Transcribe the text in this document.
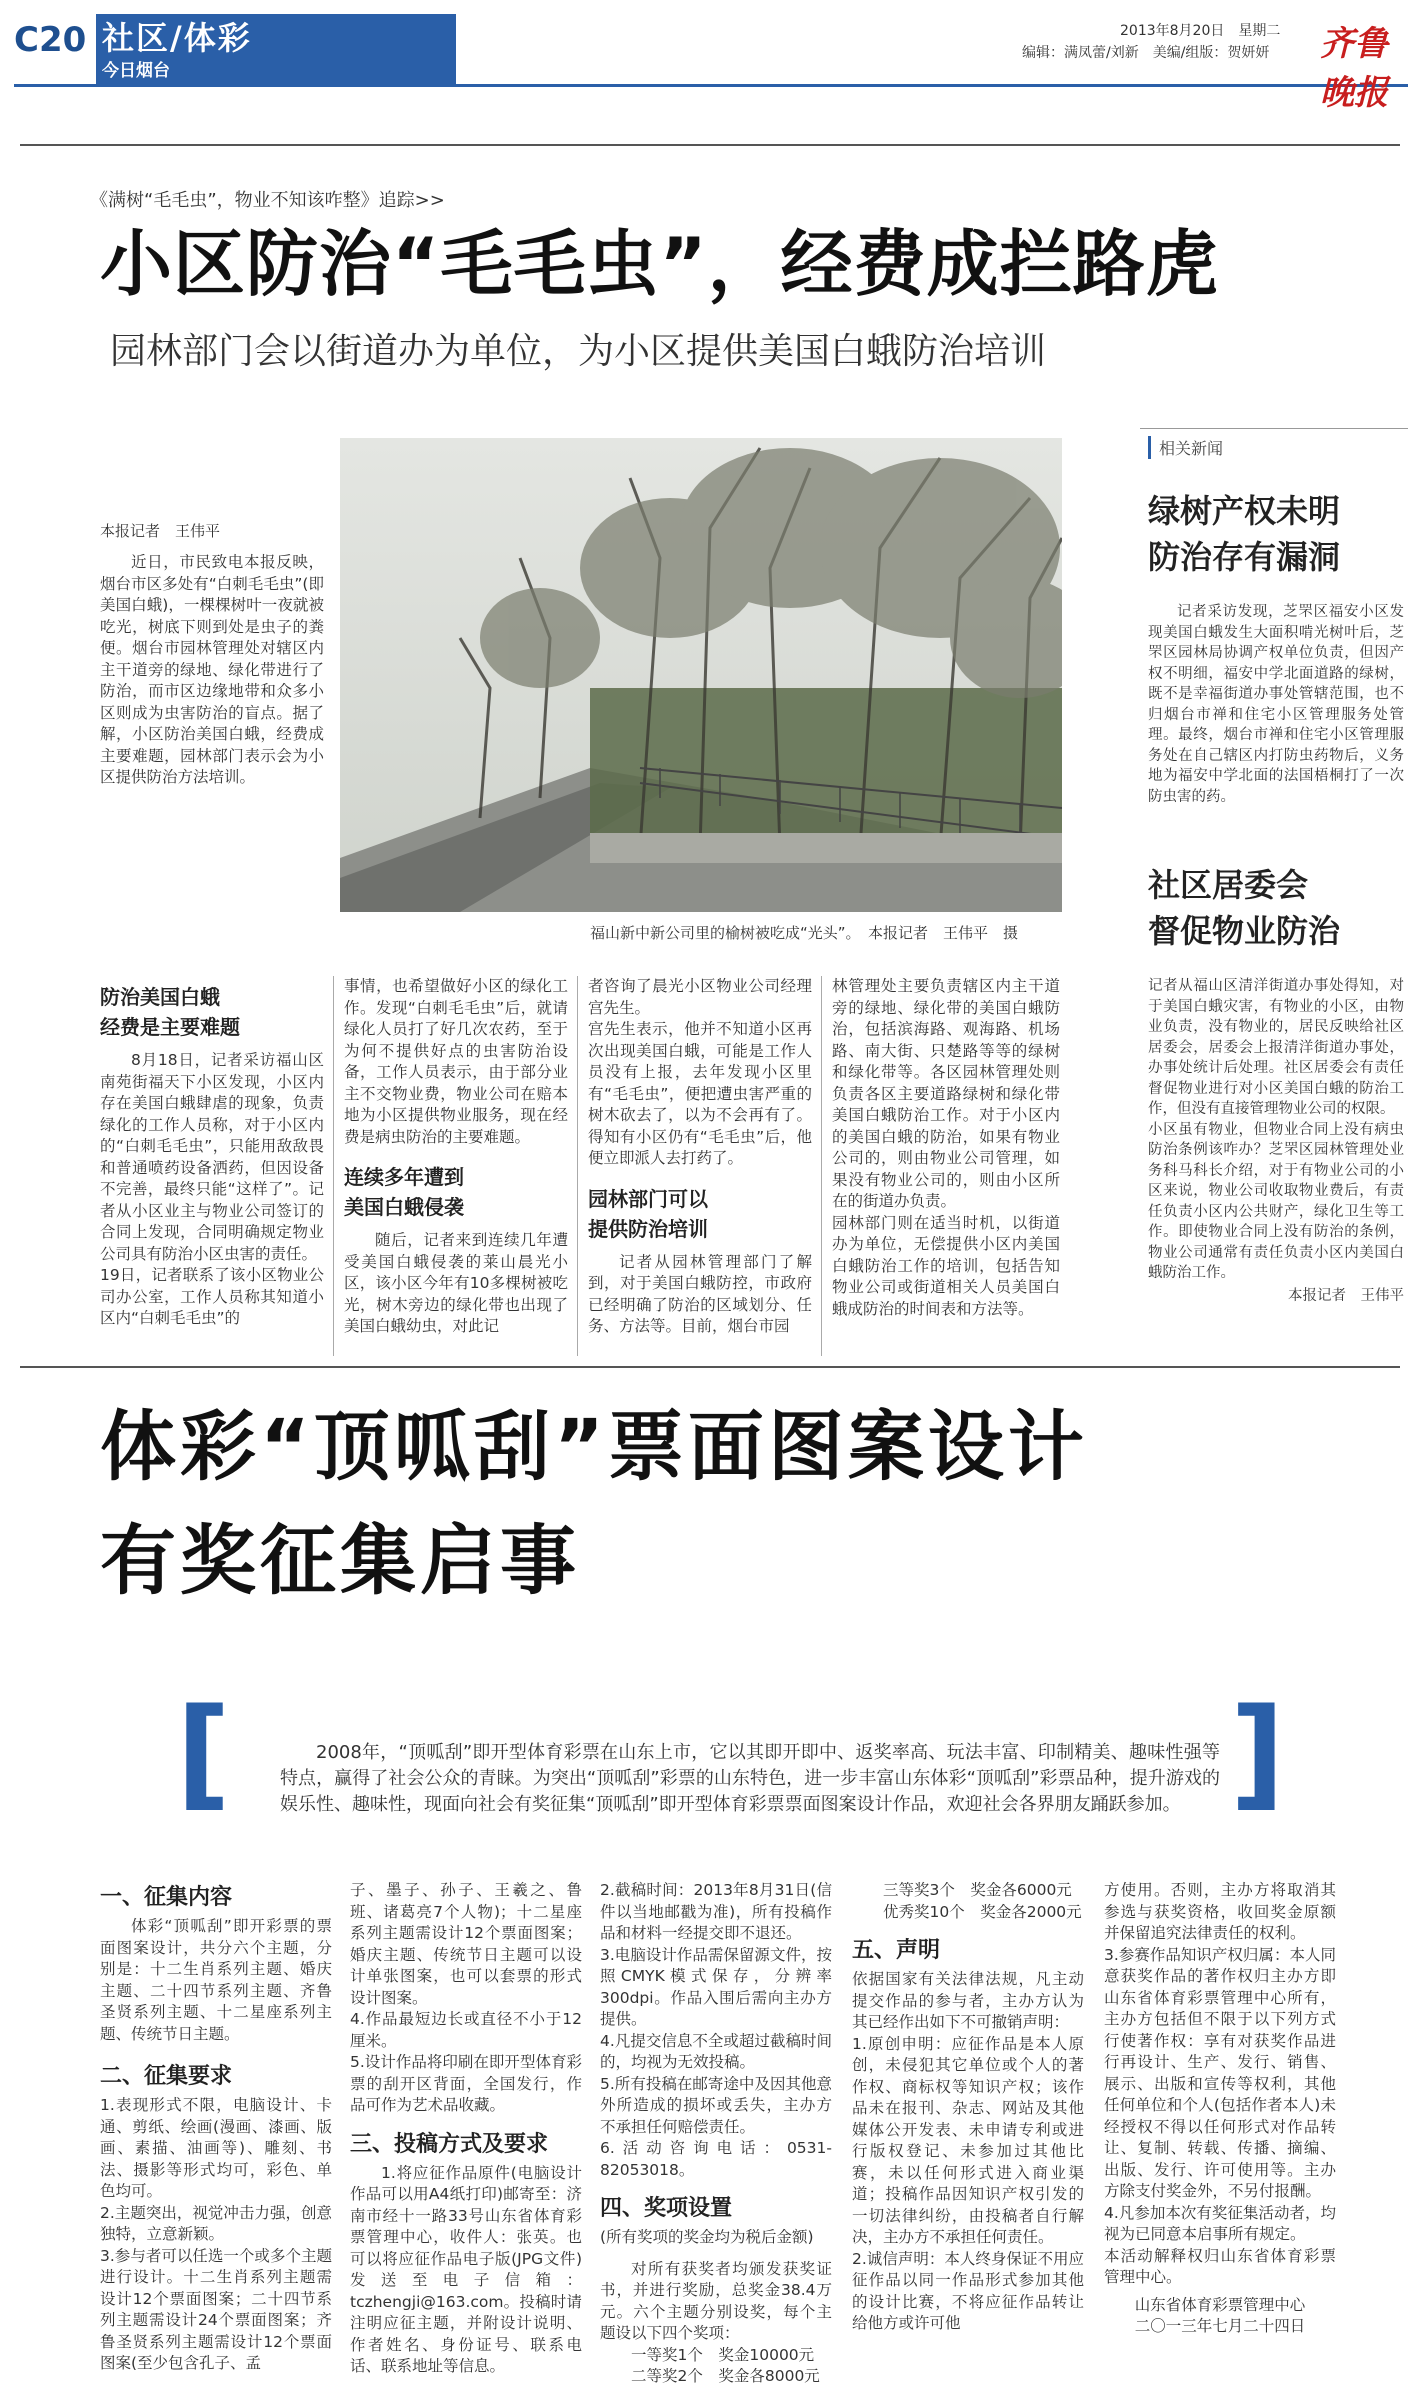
C20 社区/体彩
今日烟台
2013年8月20日　星期二
编辑：满凤蕾/刘新　美编/组版：贺妍妍 齐鲁晚报
《满树“毛毛虫”，物业不知该咋整》追踪>>
小区防治“毛毛虫”，经费成拦路虎
园林部门会以街道办为单位，为小区提供美国白蛾防治培训
本报记者　王伟平
近日，市民致电本报反映，烟台市区多处有“白刺毛毛虫”(即美国白蛾)，一棵棵树叶一夜就被吃光，树底下则到处是虫子的粪便。烟台市园林管理处对辖区内主干道旁的绿地、绿化带进行了防治，而市区边缘地带和众多小区则成为虫害防治的盲点。据了解，小区防治美国白蛾，经费成主要难题，园林部门表示会为小区提供防治方法培训。
福山新中新公司里的榆树被吃成“光头”。　本报记者　王伟平　摄
防治美国白蛾
经费是主要难题
8月18日，记者采访福山区南苑街福天下小区发现，小区内存在美国白蛾肆虐的现象，负责绿化的工作人员称，对于小区内的“白刺毛毛虫”，只能用敌敌畏和普通喷药设备洒药，但因设备不完善，最终只能“这样了”。记者从小区业主与物业公司签订的合同上发现，合同明确规定物业公司具有防治小区虫害的责任。
19日，记者联系了该小区物业公司办公室，工作人员称其知道小区内“白刺毛毛虫”的
事情，也希望做好小区的绿化工作。发现“白刺毛毛虫”后，就请绿化人员打了好几次农药，至于为何不提供好点的虫害防治设备，工作人员表示，由于部分业主不交物业费，物业公司在赔本地为小区提供物业服务，现在经费是病虫防治的主要难题。
连续多年遭到
美国白蛾侵袭
随后，记者来到连续几年遭受美国白蛾侵袭的莱山晨光小区，该小区今年有10多棵树被吃光，树木旁边的绿化带也出现了美国白蛾幼虫，对此记
者咨询了晨光小区物业公司经理宫先生。
宫先生表示，他并不知道小区再次出现美国白蛾，可能是工作人员没有上报，去年发现小区里有“毛毛虫”，便把遭虫害严重的树木砍去了，以为不会再有了。得知有小区仍有“毛毛虫”后，他便立即派人去打药了。
园林部门可以
提供防治培训
记者从园林管理部门了解到，对于美国白蛾防控，市政府已经明确了防治的区域划分、任务、方法等。目前，烟台市园
林管理处主要负责辖区内主干道旁的绿地、绿化带的美国白蛾防治，包括滨海路、观海路、机场路、南大街、只楚路等等的绿树和绿化带等。各区园林管理处则负责各区主要道路绿树和绿化带美国白蛾防治工作。对于小区内的美国白蛾的防治，如果有物业公司的，则由物业公司管理，如果没有物业公司的，则由小区所在的街道办负责。
园林部门则在适当时机，以街道办为单位，无偿提供小区内美国白蛾防治工作的培训，包括告知物业公司或街道相关人员美国白蛾成防治的时间表和方法等。
相关新闻
绿树产权未明
防治存有漏洞
记者采访发现，芝罘区福安小区发现美国白蛾发生大面积啃光树叶后，芝罘区园林局协调产权单位负责，但因产权不明细，福安中学北面道路的绿树，既不是幸福街道办事处管辖范围，也不归烟台市禅和住宅小区管理服务处管理。最终，烟台市禅和住宅小区管理服务处在自己辖区内打防虫药物后，义务地为福安中学北面的法国梧桐打了一次防虫害的药。
社区居委会
督促物业防治
记者从福山区清洋街道办事处得知，对于美国白蛾灾害，有物业的小区，由物业负责，没有物业的，居民反映给社区居委会，居委会上报清洋街道办事处，办事处统计后处理。社区居委会有责任督促物业进行对小区美国白蛾的防治工作，但没有直接管理物业公司的权限。
小区虽有物业，但物业合同上没有病虫防治条例该咋办？芝罘区园林管理处业务科马科长介绍，对于有物业公司的小区来说，物业公司收取物业费后，有责任负责小区内公共财产，绿化卫生等工作。即使物业合同上没有防治的条例，物业公司通常有责任负责小区内美国白蛾防治工作。
本报记者　王伟平
体彩“顶呱刮”票面图案设计
有奖征集启事
[	]
2008年，“顶呱刮”即开型体育彩票在山东上市，它以其即开即中、返奖率高、玩法丰富、印制精美、趣味性强等特点，赢得了社会公众的青睐。为突出“顶呱刮”彩票的山东特色，进一步丰富山东体彩“顶呱刮”彩票品种，提升游戏的娱乐性、趣味性，现面向社会有奖征集“顶呱刮”即开型体育彩票票面图案设计作品，欢迎社会各界朋友踊跃参加。
一、征集内容
体彩“顶呱刮”即开彩票的票面图案设计，共分六个主题，分别是：十二生肖系列主题、婚庆主题、二十四节系列主题、齐鲁圣贤系列主题、十二星座系列主题、传统节日主题。
二、征集要求
1.表现形式不限，电脑设计、卡通、剪纸、绘画(漫画、漆画、版画、素描、油画等)、雕刻、书法、摄影等形式均可，彩色、单色均可。
2.主题突出，视觉冲击力强，创意独特，立意新颖。
3.参与者可以任选一个或多个主题进行设计。十二生肖系列主题需设计12个票面图案；二十四节系列主题需设计24个票面图案；齐鲁圣贤系列主题需设计12个票面图案(至少包含孔子、孟
子、墨子、孙子、王羲之、鲁班、诸葛亮7个人物)；十二星座系列主题需设计12个票面图案；婚庆主题、传统节日主题可以设计单张图案，也可以套票的形式设计图案。
4.作品最短边长或直径不小于12厘米。
5.设计作品将印刷在即开型体育彩票的刮开区背面，全国发行，作品可作为艺术品收藏。
三、投稿方式及要求
1.将应征作品原件(电脑设计作品可以用A4纸打印)邮寄至：济南市经十一路33号山东省体育彩票管理中心，收件人：张英。也可以将应征作品电子版(JPG文件)发送至电子信箱：tczhengji@163.com。投稿时请注明应征主题，并附设计说明、作者姓名、身份证号、联系电话、联系地址等信息。
2.截稿时间：2013年8月31日(信件以当地邮戳为准)，所有投稿作品和材料一经提交即不退还。
3.电脑设计作品需保留源文件，按照CMYK模式保存，分辨率300dpi。作品入围后需向主办方提供。
4.凡提交信息不全或超过截稿时间的，均视为无效投稿。
5.所有投稿在邮寄途中及因其他意外所造成的损坏或丢失，主办方不承担任何赔偿责任。
6.活动咨询电话：0531-82053018。
四、奖项设置
(所有奖项的奖金均为税后金额)
对所有获奖者均颁发获奖证书，并进行奖励，总奖金38.4万元。六个主题分别设奖，每个主题设以下四个奖项：
一等奖1个　奖金10000元
二等奖2个　奖金各8000元
三等奖3个　奖金各6000元
优秀奖10个　奖金各2000元
五、声明
依据国家有关法律法规，凡主动提交作品的参与者，主办方认为其已经作出如下不可撤销声明：
1.原创申明：应征作品是本人原创，未侵犯其它单位或个人的著作权、商标权等知识产权；该作品未在报刊、杂志、网站及其他媒体公开发表、未申请专利或进行版权登记、未参加过其他比赛，未以任何形式进入商业渠道；投稿作品因知识产权引发的一切法律纠纷，由投稿者自行解决，主办方不承担任何责任。
2.诚信声明：本人终身保证不用应征作品以同一作品形式参加其他的设计比赛，不将应征作品转让给他方或许可他
方使用。否则，主办方将取消其参选与获奖资格，收回奖金原额并保留追究法律责任的权利。
3.参赛作品知识产权归属：本人同意获奖作品的著作权归主办方即山东省体育彩票管理中心所有，主办方包括但不限于以下列方式行使著作权：享有对获奖作品进行再设计、生产、发行、销售、展示、出版和宣传等权利，其他任何单位和个人(包括作者本人)未经授权不得以任何形式对作品转让、复制、转载、传播、摘编、出版、发行、许可使用等。主办方除支付奖金外，不另付报酬。
4.凡参加本次有奖征集活动者，均视为已同意本启事所有规定。
本活动解释权归山东省体育彩票管理中心。
山东省体育彩票管理中心
二〇一三年七月二十四日
